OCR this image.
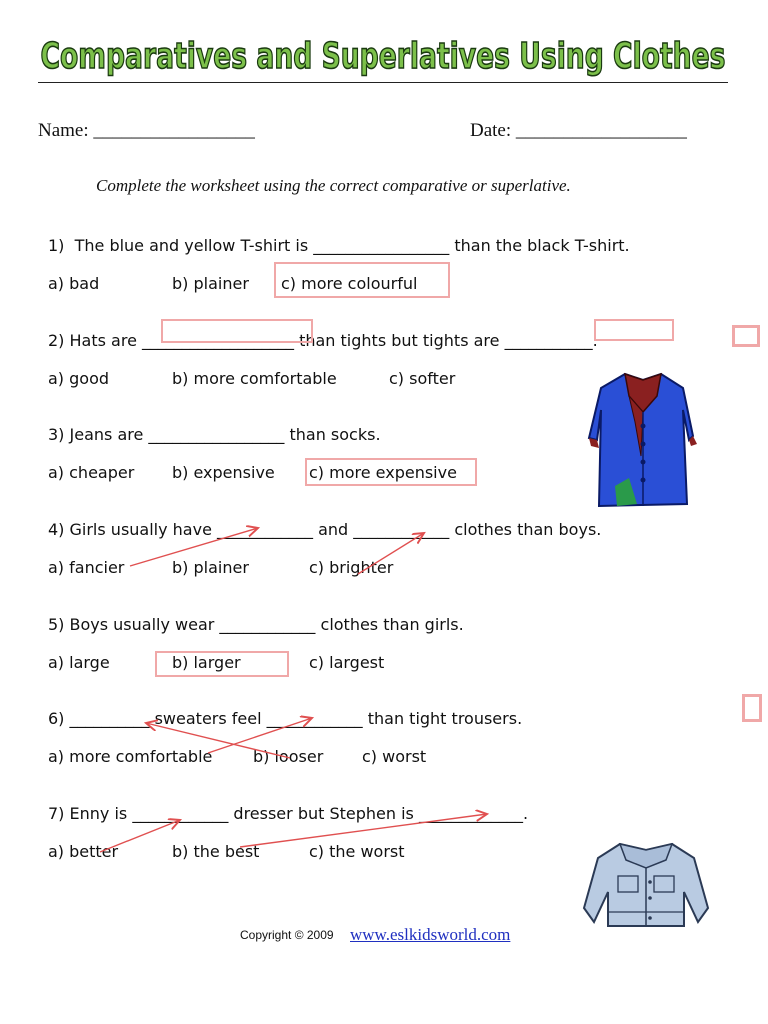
Comparatives and Superlatives Using Clothes
Name: _________________	Date: __________________
Complete the worksheet using the correct comparative or superlative.
1)  The blue and yellow T-shirt is _________________ than the black T-shirt.
a) bad	b) plainer c) more colourful
2) Hats are ___________________ than tights but tights are ___________.
a) good	b) more comfortable	c) softer
3) Jeans are _________________ than socks.
a) cheaper b) expensive c) more expensive
4) Girls usually have ____________ and ____________ clothes than boys.
a) fancier	b) plainer	c) brighter
5) Boys usually wear ____________ clothes than girls.
a) large	b) larger	c) largest
6) __________ sweaters feel ____________ than tight trousers.
a) more comfortable	b) looser c) worst
7) Enny is ____________ dresser but Stephen is _____________.
a) better	b) the best	c) the worst
Copyright © 2009 www.eslkidsworld.com
